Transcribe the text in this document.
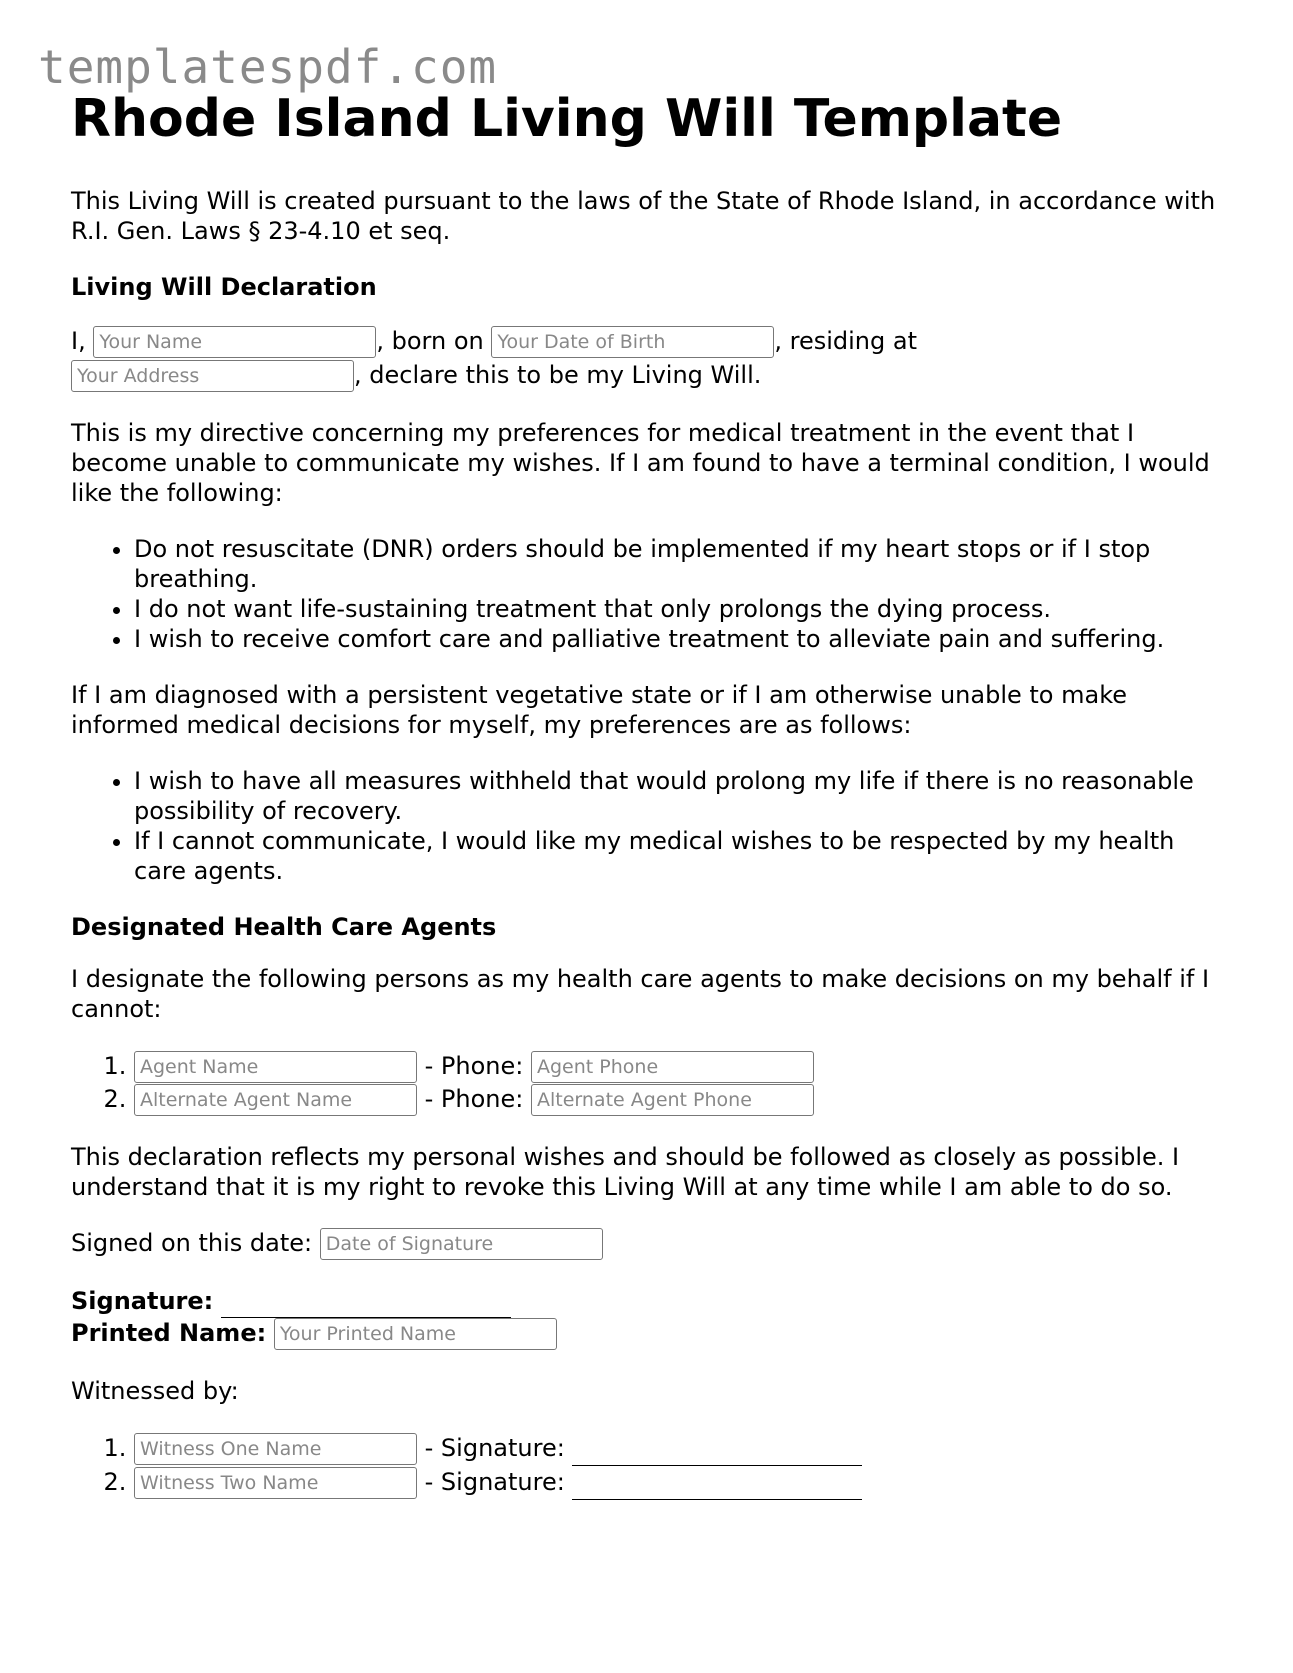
templatespdf.com
Rhode Island Living Will Template

This Living Will is created pursuant to the laws of the State of Rhode Island, in accordance with R.I. Gen. Laws § 23-4.10 et seq.

Living Will Declaration

I, Your Name	, born on Your Date of Birth	, residing at
Your Address, declare this to be my Living Will.

This is my directive concerning my preferences for medical treatment in the event that I become unable to communicate my wishes. If I am found to have a terminal condition, I would like the following:

• Do not resuscitate (DNR) orders should be implemented if my heart stops or if I stop breathing.
• I do not want life-sustaining treatment that only prolongs the dying process.
• I wish to receive comfort care and palliative treatment to alleviate pain and suffering.

If I am diagnosed with a persistent vegetative state or if I am otherwise unable to make informed medical decisions for myself, my preferences are as follows:

• I wish to have all measures withheld that would prolong my life if there is no reasonable possibility of recovery.
• If I cannot communicate, I would like my medical wishes to be respected by my health care agents.
Designated Health Care Agents

I designate the following persons as my health care agents to make decisions on my behalf if I cannot:

Agent Name 1. - Phone: Agent Phone
Alternate Agent Name 2. - Phone: Alternate Agent Phone

This declaration reflects my personal wishes and should be followed as closely as possible. I understand that it is my right to revoke this Living Will at any time while I am able to do so.

Signed on this date: Date of Signature

Signature:
Printed Name: Your Printed Name

Witnessed by:

Witness One Name 1. - Signature:
Witness Two Name 2. - Signature:
